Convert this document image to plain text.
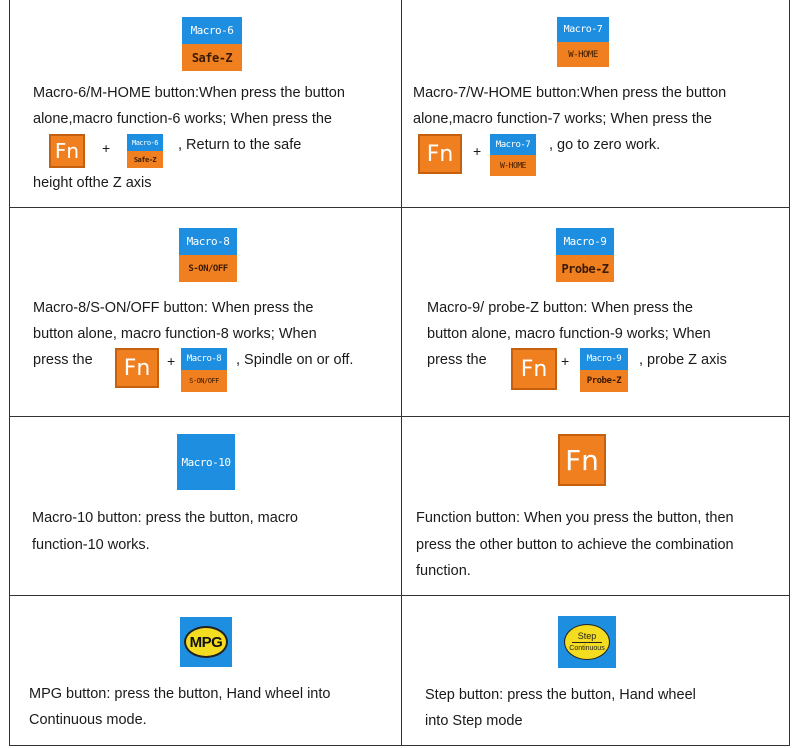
Macro-6
Safe-Z
Macro-6/M-HOME button:When press the button
alone,macro function-6 works; When press the
Fn	+	Macro-6
Safe-Z
, Return to the safe
height ofthe Z axis
Macro-7
W-HOME
Macro-7/W-HOME button:When press the button
alone,macro function-7 works; When press the
Fn	+	Macro-7
W-HOME
, go to zero work.
Macro-8
S-ON/OFF
Macro-8/S-ON/OFF button: When press the
button alone, macro function-8 works; When
press the	Fn	+	Macro-8
S-ON/OFF
, Spindle on or off.
Macro-9
Probe-Z
Macro-9/ probe-Z button: When press the
button alone, macro function-9 works; When
press the	Fn +	Macro-9
Probe-Z
, probe Z axis
Macro-10
Macro-10 button: press the button, macro
function-10 works.
Fn
Function button: When you press the button, then
press the other button to achieve the combination
function.
MPG
MPG button: press the button, Hand wheel into
Continuous mode.
Step
Continuous
Step button: press the button, Hand wheel
into Step mode
